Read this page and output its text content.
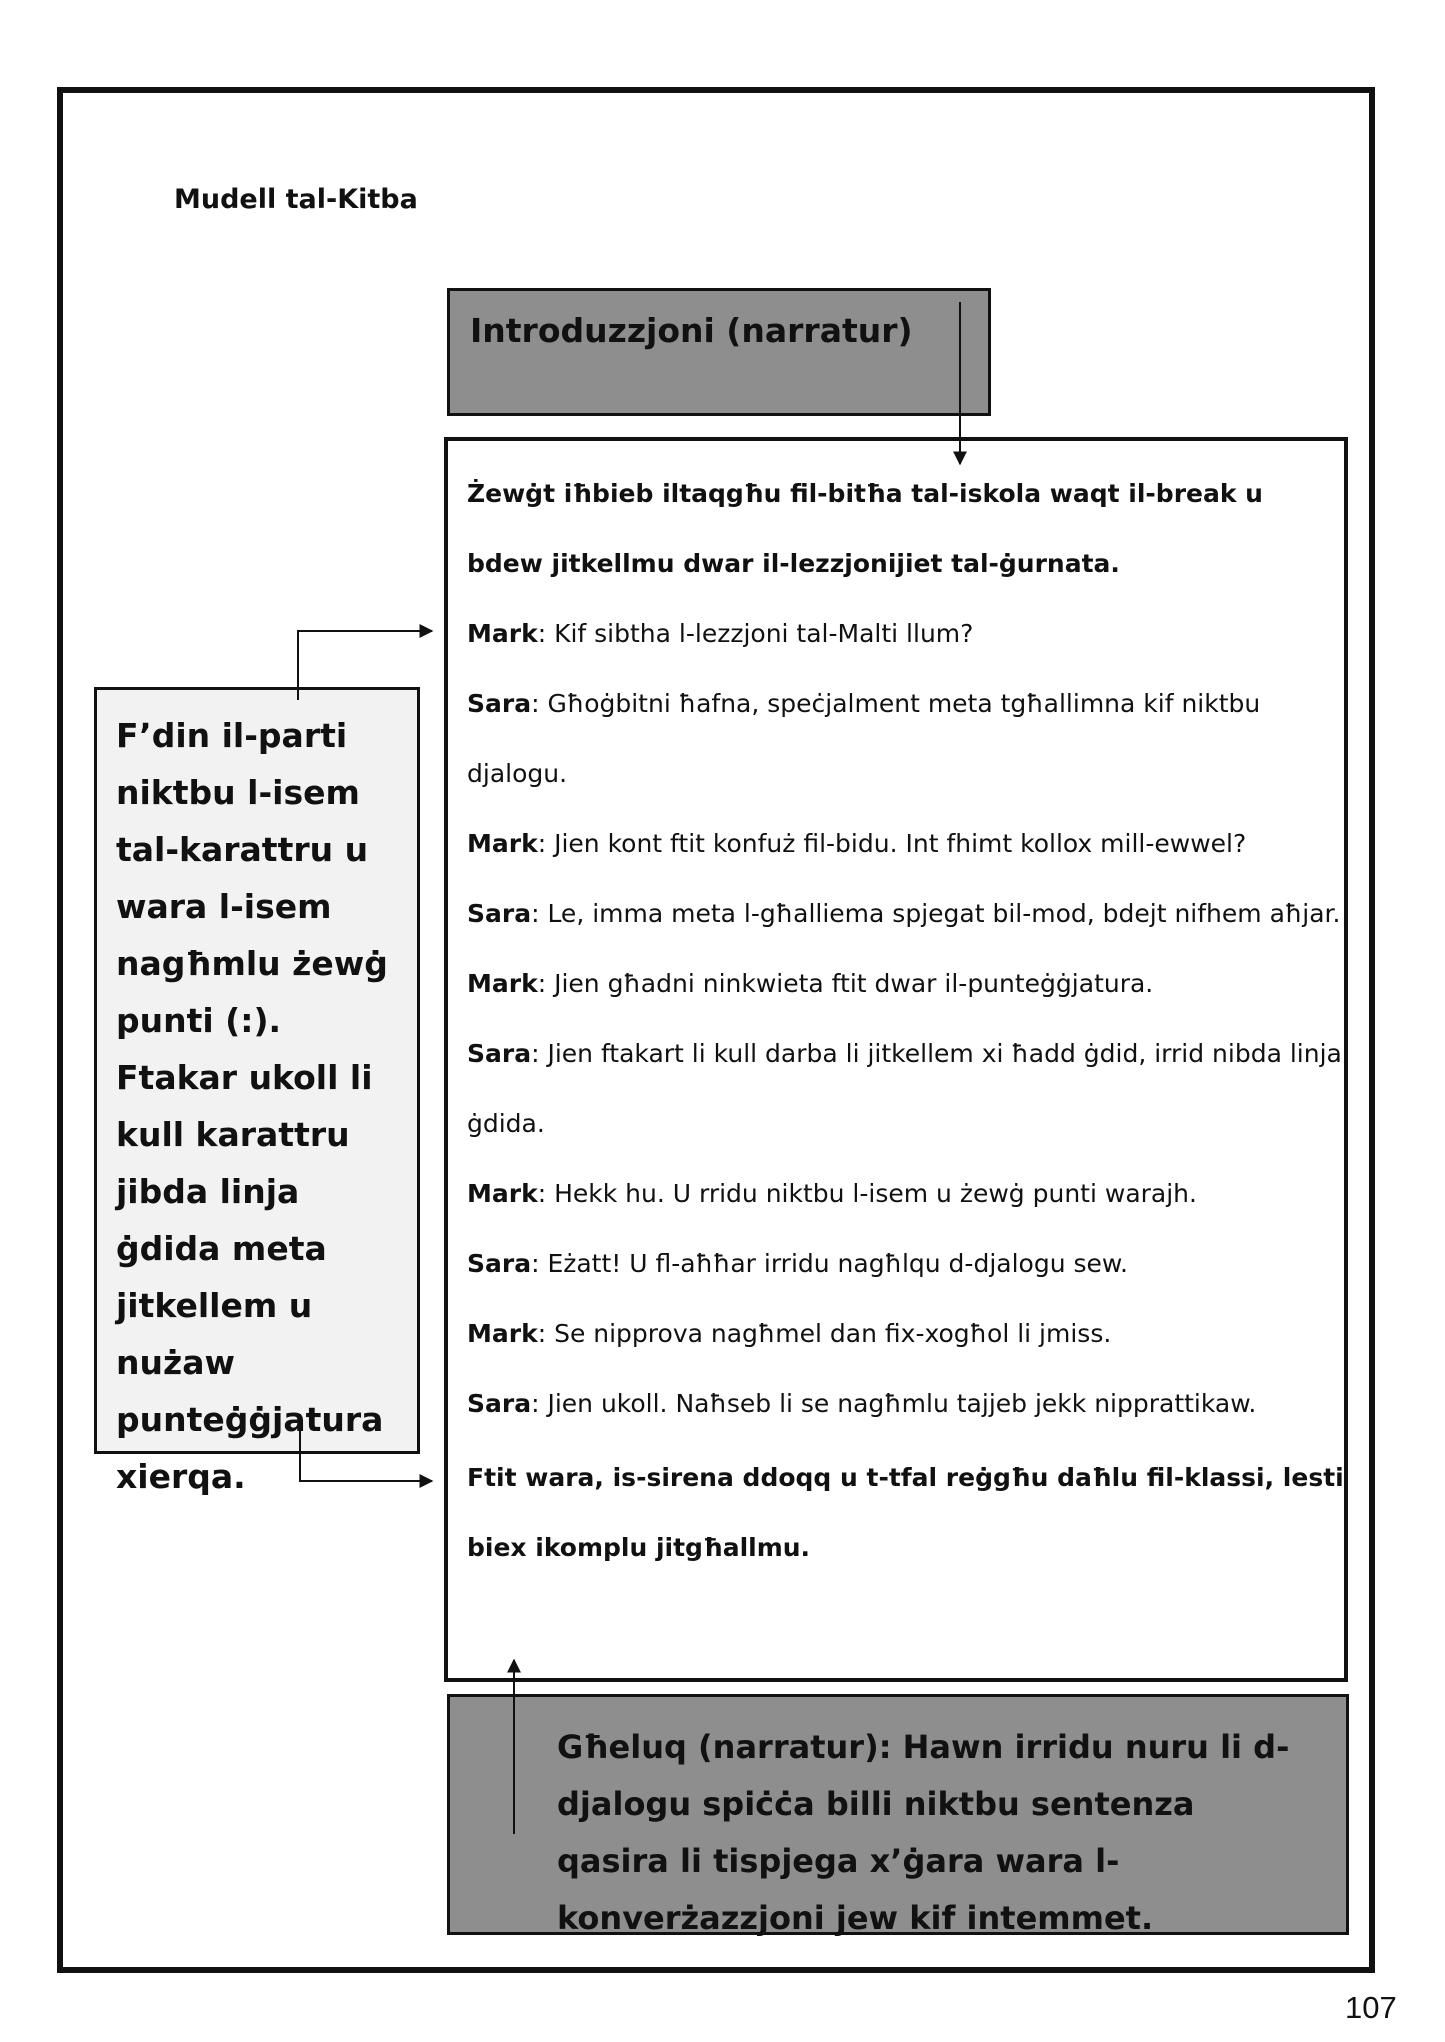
Mudell tal-Kitba
Introduzzjoni (narratur)

Żewġt iħbieb iltaqgħu fil-bitħa tal-iskola waqt il-break u bdew jitkellmu dwar il-lezzjonijiet tal-ġurnata.

Mark: Kif sibtha l-lezzjoni tal-Malti llum?

Sara: Għoġbitni ħafna, speċjalment meta tgħallimna kif niktbu djalogu.

Mark: Jien kont ftit konfuż fil-bidu. Int fhimt kollox mill-ewwel?

Sara: Le, imma meta l-għalliema spjegat bil-mod, bdejt nifhem aħjar.

Mark: Jien għadni ninkwieta ftit dwar il-punteġġjatura.

Sara: Jien ftakart li kull darba li jitkellem xi ħadd ġdid, irrid nibda linja ġdida.

Mark: Hekk hu. U rridu niktbu l-isem u żewġ punti warajh.

Sara: Eżatt! U fl-aħħar irridu nagħlqu d-djalogu sew.

Mark: Se nipprova nagħmel dan fix-xogħol li jmiss.

Sara: Jien ukoll. Naħseb li se nagħmlu tajjeb jekk nipprattikaw.

Ftit wara, is-sirena ddoqq u t-tfal reġgħu daħlu fil-klassi, lesti biex ikomplu jitgħallmu.

F’din il-parti niktbu l-isem tal-karattru u wara l-isem nagħmlu żewġ punti (:). Ftakar ukoll li kull karattru jibda linja ġdida meta jitkellem u nużaw punteġġjatura xierqa.
Għeluq (narratur): Hawn irridu nuru li d-djalogu spiċċa billi niktbu sentenza qasira li tispjega x’ġara wara l-konverżazzjoni jew kif intemmet.
107
